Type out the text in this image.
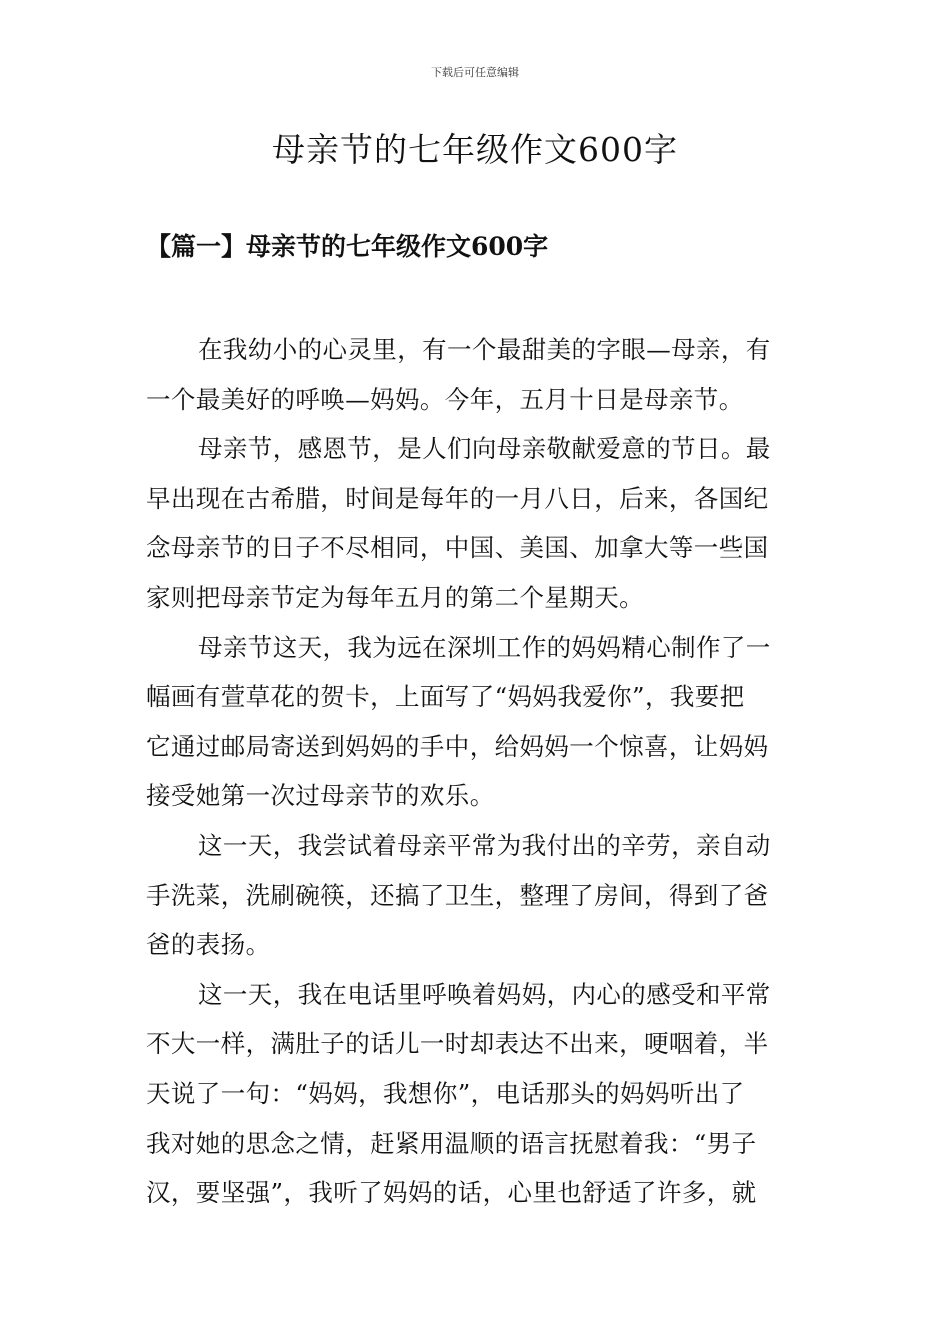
下载后可任意编辑
母亲节的七年级作文600字
【篇一】母亲节的七年级作文600字

在我幼小的心灵里，有一个最甜美的字眼—母亲，有
一个最美好的呼唤—妈妈。今年，五月十日是母亲节。

母亲节，感恩节，是人们向母亲敬献爱意的节日。最
早出现在古希腊，时间是每年的一月八日，后来，各国纪
念母亲节的日子不尽相同，中国、美国、加拿大等一些国
家则把母亲节定为每年五月的第二个星期天。

母亲节这天，我为远在深圳工作的妈妈精心制作了一
幅画有萱草花的贺卡，上面写了“妈妈我爱你”，我要把
它通过邮局寄送到妈妈的手中，给妈妈一个惊喜，让妈妈
接受她第一次过母亲节的欢乐。

这一天，我尝试着母亲平常为我付出的辛劳，亲自动
手洗菜，洗刷碗筷，还搞了卫生，整理了房间，得到了爸
爸的表扬。

这一天，我在电话里呼唤着妈妈，内心的感受和平常
不大一样，满肚子的话儿一时却表达不出来，哽咽着，半
天说了一句：“妈妈，我想你”，电话那头的妈妈听出了
我对她的思念之情，赶紧用温顺的语言抚慰着我：“男子
汉，要坚强”，我听了妈妈的话，心里也舒适了许多，就
